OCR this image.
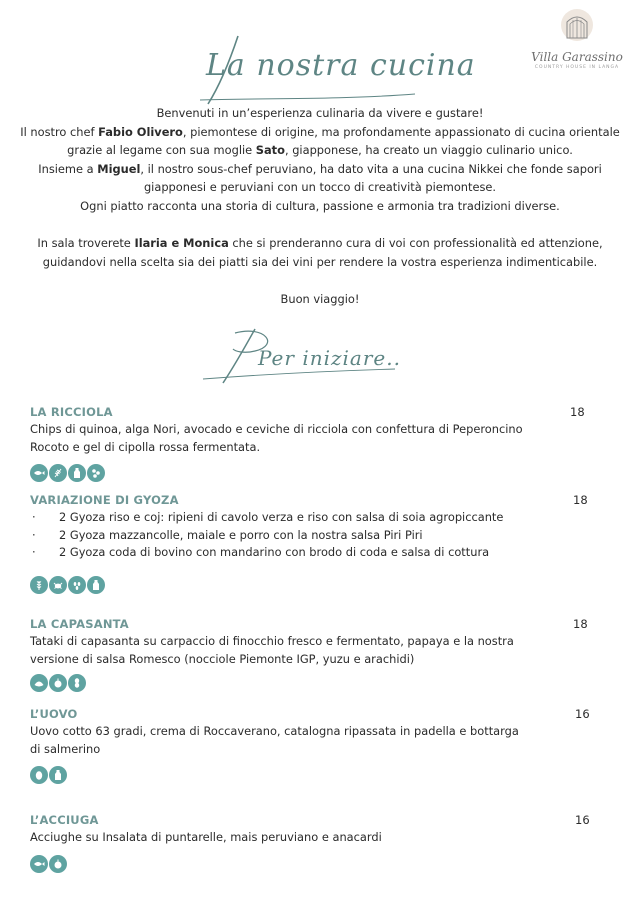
Villa Garassino
COUNTRY HOUSE IN LANGA
La nostra cucina

Benvenuti in un’esperienza culinaria da vivere e gustare!

Il nostro chef Fabio Olivero, piemontese di origine, ma profondamente appassionato di cucina orientale

grazie al legame con sua moglie Sato, giapponese, ha creato un viaggio culinario unico.

Insieme a Miguel, il nostro sous-chef peruviano, ha dato vita a una cucina Nikkei che fonde sapori

giapponesi e peruviani con un tocco di creatività piemontese.

Ogni piatto racconta una storia di cultura, passione e armonia tra tradizioni diverse.

In sala troverete Ilaria e Monica che si prenderanno cura di voi con professionalità ed attenzione,

guidandovi nella scelta sia dei piatti sia dei vini per rendere la vostra esperienza indimenticabile.

Buon viaggio!

Per iniziare..
LA RICCIOLA	18
Chips di quinoa, alga Nori, avocado e ceviche di ricciola con confettura di Peperoncino Rocoto e gel di cipolla rossa fermentata.
VARIAZIONE DI GYOZA	18
· 2 Gyoza riso e coj: ripieni di cavolo verza e riso con salsa di soia agropiccante
· 2 Gyoza mazzancolle, maiale e porro con la nostra salsa Piri Piri
· 2 Gyoza coda di bovino con mandarino con brodo di coda e salsa di cottura
LA CAPASANTA	18
Tataki di capasanta su carpaccio di finocchio fresco e fermentato, papaya e la nostra versione di salsa Romesco (nocciole Piemonte IGP, yuzu e arachidi)
L’UOVO	16
Uovo cotto 63 gradi, crema di Roccaverano, catalogna ripassata in padella e bottarga di salmerino
L’ACCIUGA	16
Acciughe su Insalata di puntarelle, mais peruviano e anacardi
